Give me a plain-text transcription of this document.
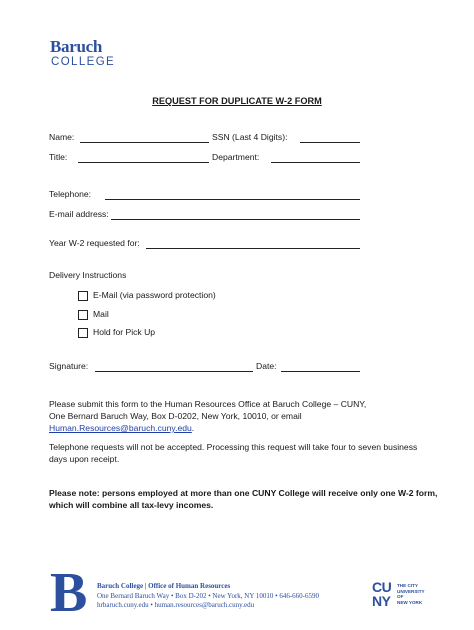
Baruch
COLLEGE
REQUEST FOR DUPLICATE W-2 FORM
Name:	SSN (Last 4 Digits):
Title:	Department:
Telephone:
E-mail address:
Year W-2 requested for:
Delivery Instructions
E-Mail (via password protection)
Mail
Hold for Pick Up
Signature:	Date:
Please submit this form to the Human Resources Office at Baruch College – CUNY,
One Bernard Baruch Way, Box D-0202, New York, 10010, or email
Human.Resources@baruch.cuny.edu.
Telephone requests will not be accepted. Processing this request will take four to seven business
days upon receipt.
Please note: persons employed at more than one CUNY College will receive only one W-2 form,
which will combine all tax-levy incomes.
B Baruch College | Office of Human Resources
One Bernard Baruch Way • Box D-202 • New York, NY 10010 • 646-660-6590
hrbaruch.cuny.edu • human.resources@baruch.cuny.edu
CU
NY
THE CITY
UNIVERSITY
OF
NEW YORK
